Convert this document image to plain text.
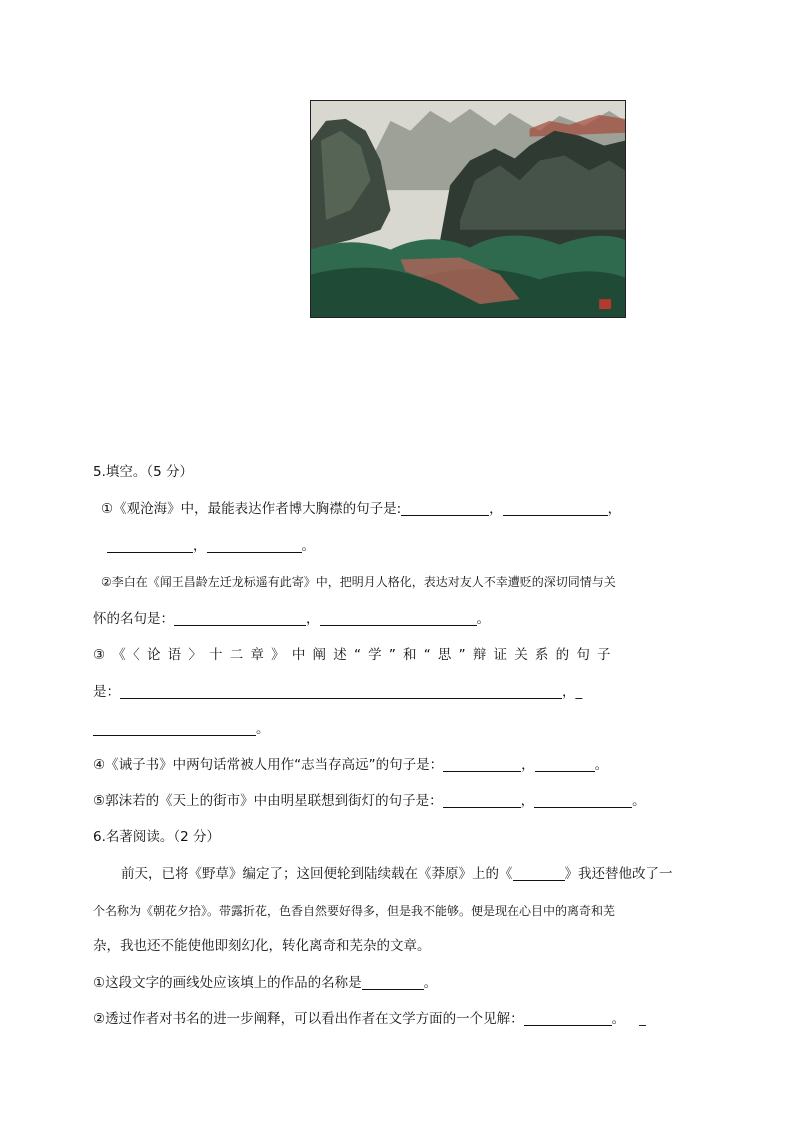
5.填空。（5 分）
①《观沧海》中，最能表达作者博大胸襟的句子是:	，	，
，	。
②李白在《闻王昌龄左迁龙标遥有此寄》中，把明月人格化，表达对友人不幸遭贬的深切同情与关
怀的名句是：	，	。
③《〈论语〉十二章》中阐述“学”和“思”辩证关系的句子
是：	，_
。
④《诫子书》中两句话常被人用作“志当存高远”的句子是：	，	。
⑤郭沫若的《天上的街市》中由明星联想到街灯的句子是：	，	。
6.名著阅读。（2 分）
前天，已将《野草》编定了；这回便轮到陆续载在《莽原》上的《	》我还替他改了一
个名称为《朝花夕拾》。带露折花，色香自然要好得多，但是我不能够。便是现在心目中的离奇和芜
杂，我也还不能使他即刻幻化，转化离奇和芜杂的文章。
①这段文字的画线处应该填上的作品的名称是	。
②透过作者对书名的进一步阐释，可以看出作者在文学方面的一个见解：	。 _
